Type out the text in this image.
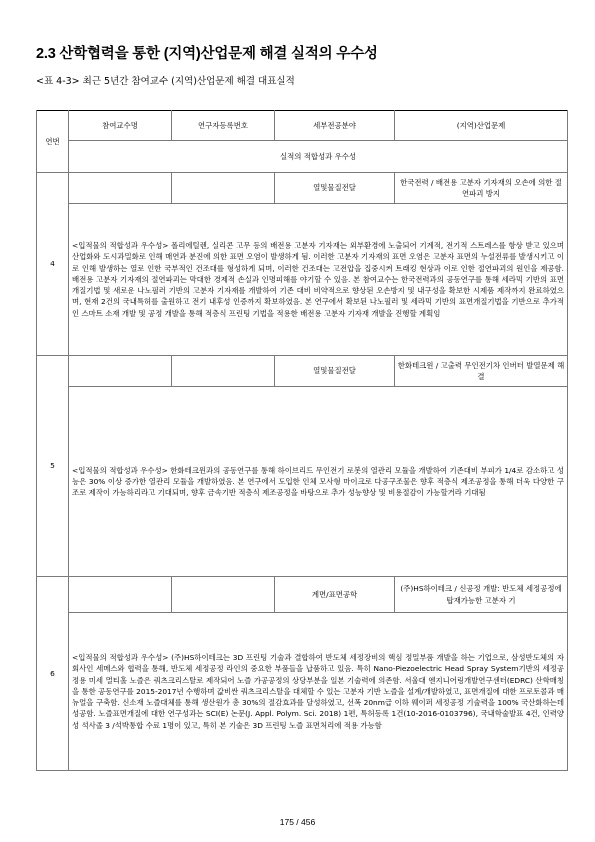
2.3 산학협력을 통한 (지역)산업문제 해결 실적의 우수성
<표 4-3> 최근 5년간 참여교수 (지역)산업문제 해결 대표실적
연번	참여교수명	연구자등록번호	세부전공분야	(지역)산업문제
	실적의 적합성과 우수성			
4			열및물질전달	한국전력 / 배전용 고분자 기자재의 오손에 의한 절연파괴 방지
	<입적물의 적합성과 우수성> 폴리에틸렌, 실리콘 고무 등의 배전용 고분자 기자재는 외부환경에 노출되어 기계적, 전기적 스트레스를 항상 받고 있으며 산업화와 도시과밀화로 인해 매연과 분진에 의한 표면 오염이 발생하게 됨. 이러한 고분자 기자재의 표면 오염은 고분자 표면의 누설전류를 발생시키고 이로 인해 발생하는 열로 인한 국부적인 건조대를 형성하게 되며, 이러한 건조대는 고전압을 집중시켜 트래킹 현상과 이로 인한 절연파괴의 원인을 제공함. 배전용 고분자 기자재의 절연파괴는 막대한 경제적 손실과 인명피해를 야기할 수 있음. 본 참여교수는 한국전력과의 공동연구를 통해 세라믹 기반의 표면개질기법 및 새로운 나노필러 기반의 고분자 기자재를 개발하여 기존 대비 비약적으로 향상된 오손방지 및 내구성을 확보한 시제품 제작까지 완료하였으며, 현재 2건의 국내특허를 출원하고 전기 내후성 인증까지 확보하였음. 본 연구에서 확보된 나노필러 및 세라믹 기반의 표면개질기법을 기반으로 추가적인 스마트 소재 개발 및 공정 개발을 통해 적층식 프린팅 기법을 적용한 배전용 고분자 기자재 개발을 진행할 계획임			
5			열및물질전달	한화테크윈 / 고출력 무인전기차 인버터 발열문제 해결
	<입적물의 적합성과 우수성> 한화테크윈과의 공동연구를 통해 하이브리드 무인전기 로봇의 열관리 모듈을 개발하여 기존대비 부피가 1/4로 감소하고 성능은 30% 이상 증가한 열관리 모듈을 개발하였음. 본 연구에서 도입한 인체 모사형 마이크로 다공구조물은 향후 적층식 제조공정을 통해 더욱 다양한 구조로 제작이 가능하리라고 기대되며, 향후 금속기반 적층식 제조공정을 바탕으로 추가 성능향상 및 비용절감이 가능할거라 기대됨			
6			계면/표면공학	(주)HS하이테크 / 신공정 개발: 반도체 세정공정에 탑재가능한 고분자 기
	<입적물의 적합성과 우수성> (주)HS하이테크는 3D 프린팅 기술과 결합하여 반도체 세정장비의 핵심 정밀부품 개발을 하는 기업으로, 삼성반도체의 자회사인 세메스와 협력을 통해, 반도체 세정공정 라인의 중요한 부품들을 납품하고 있음. 특히 Nano-Piezoelectric Head Spray System기반의 세정공정용 미세 멀티홀 노즐은 쿼츠크리스탈로 제작되어 노즐 가공공정의 상당부분을 일본 기술력에 의존함. 서울대 엔지니어링개발연구센터(EDRC) 산학매칭을 통한 공동연구를 2015-2017년 수행하며 값비싼 쿼츠크리스탈을 대체할 수 있는 고분자 기반 노즐을 설계/개발하였고, 표면개질에 대한 프로토콜과 매뉴얼을 구축함. 신소재 노즐대체를 통해 생산원가 총 30%의 절감효과를 달성하였고, 선폭 20nm급 이하 웨이퍼 세정공정 기술력을 100% 국산화하는데 성공함. 노즐표면개질에 대한 연구성과는 SCI(E) 논문(J. Appl. Polym. Sci. 2018) 1편, 특허등록 1건(10-2016-0103796), 국내학술발표 4건, 인력양성 석사졸 3 /석박통합 수료 1명이 있고, 특히 본 기술은 3D 프린팅 노즐 표면처리에 적용 가능함			
175 / 456
